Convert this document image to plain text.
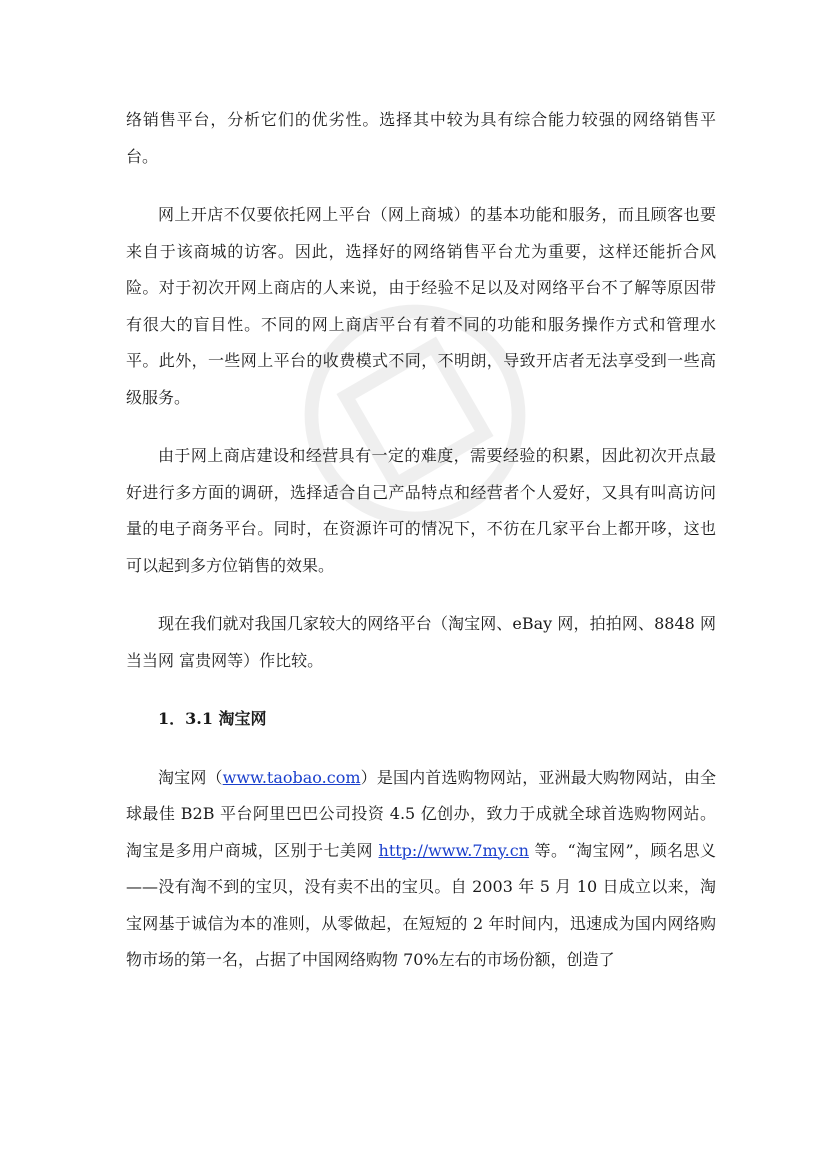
络销售平台，分析它们的优劣性。选择其中较为具有综合能力较强的网络销售平台。

网上开店不仅要依托网上平台（网上商城）的基本功能和服务，而且顾客也要来自于该商城的访客。因此，选择好的网络销售平台尤为重要，这样还能折合风险。对于初次开网上商店的人来说，由于经验不足以及对网络平台不了解等原因带有很大的盲目性。不同的网上商店平台有着不同的功能和服务操作方式和管理水平。此外，一些网上平台的收费模式不同，不明朗，导致开店者无法享受到一些高级服务。

由于网上商店建设和经营具有一定的难度，需要经验的积累，因此初次开点最好进行多方面的调研，选择适合自己产品特点和经营者个人爱好，又具有叫高访问量的电子商务平台。同时，在资源许可的情况下，不彷在几家平台上都开哆，这也可以起到多方位销售的效果。

现在我们就对我国几家较大的网络平台（淘宝网、eBay 网，拍拍网、8848 网 当当网 富贵网等）作比较。

1．3.1 淘宝网

淘宝网（www.taobao.com）是国内首选购物网站，亚洲最大购物网站，由全球最佳 B2B 平台阿里巴巴公司投资 4.5 亿创办，致力于成就全球首选购物网站。淘宝是多用户商城，区别于七美网 http://www.7my.cn 等。“淘宝网”，顾名思义——没有淘不到的宝贝，没有卖不出的宝贝。自 2003 年 5 月 10 日成立以来，淘宝网基于诚信为本的准则，从零做起，在短短的 2 年时间内，迅速成为国内网络购物市场的第一名，占据了中国网络购物 70%左右的市场份额，创造了
